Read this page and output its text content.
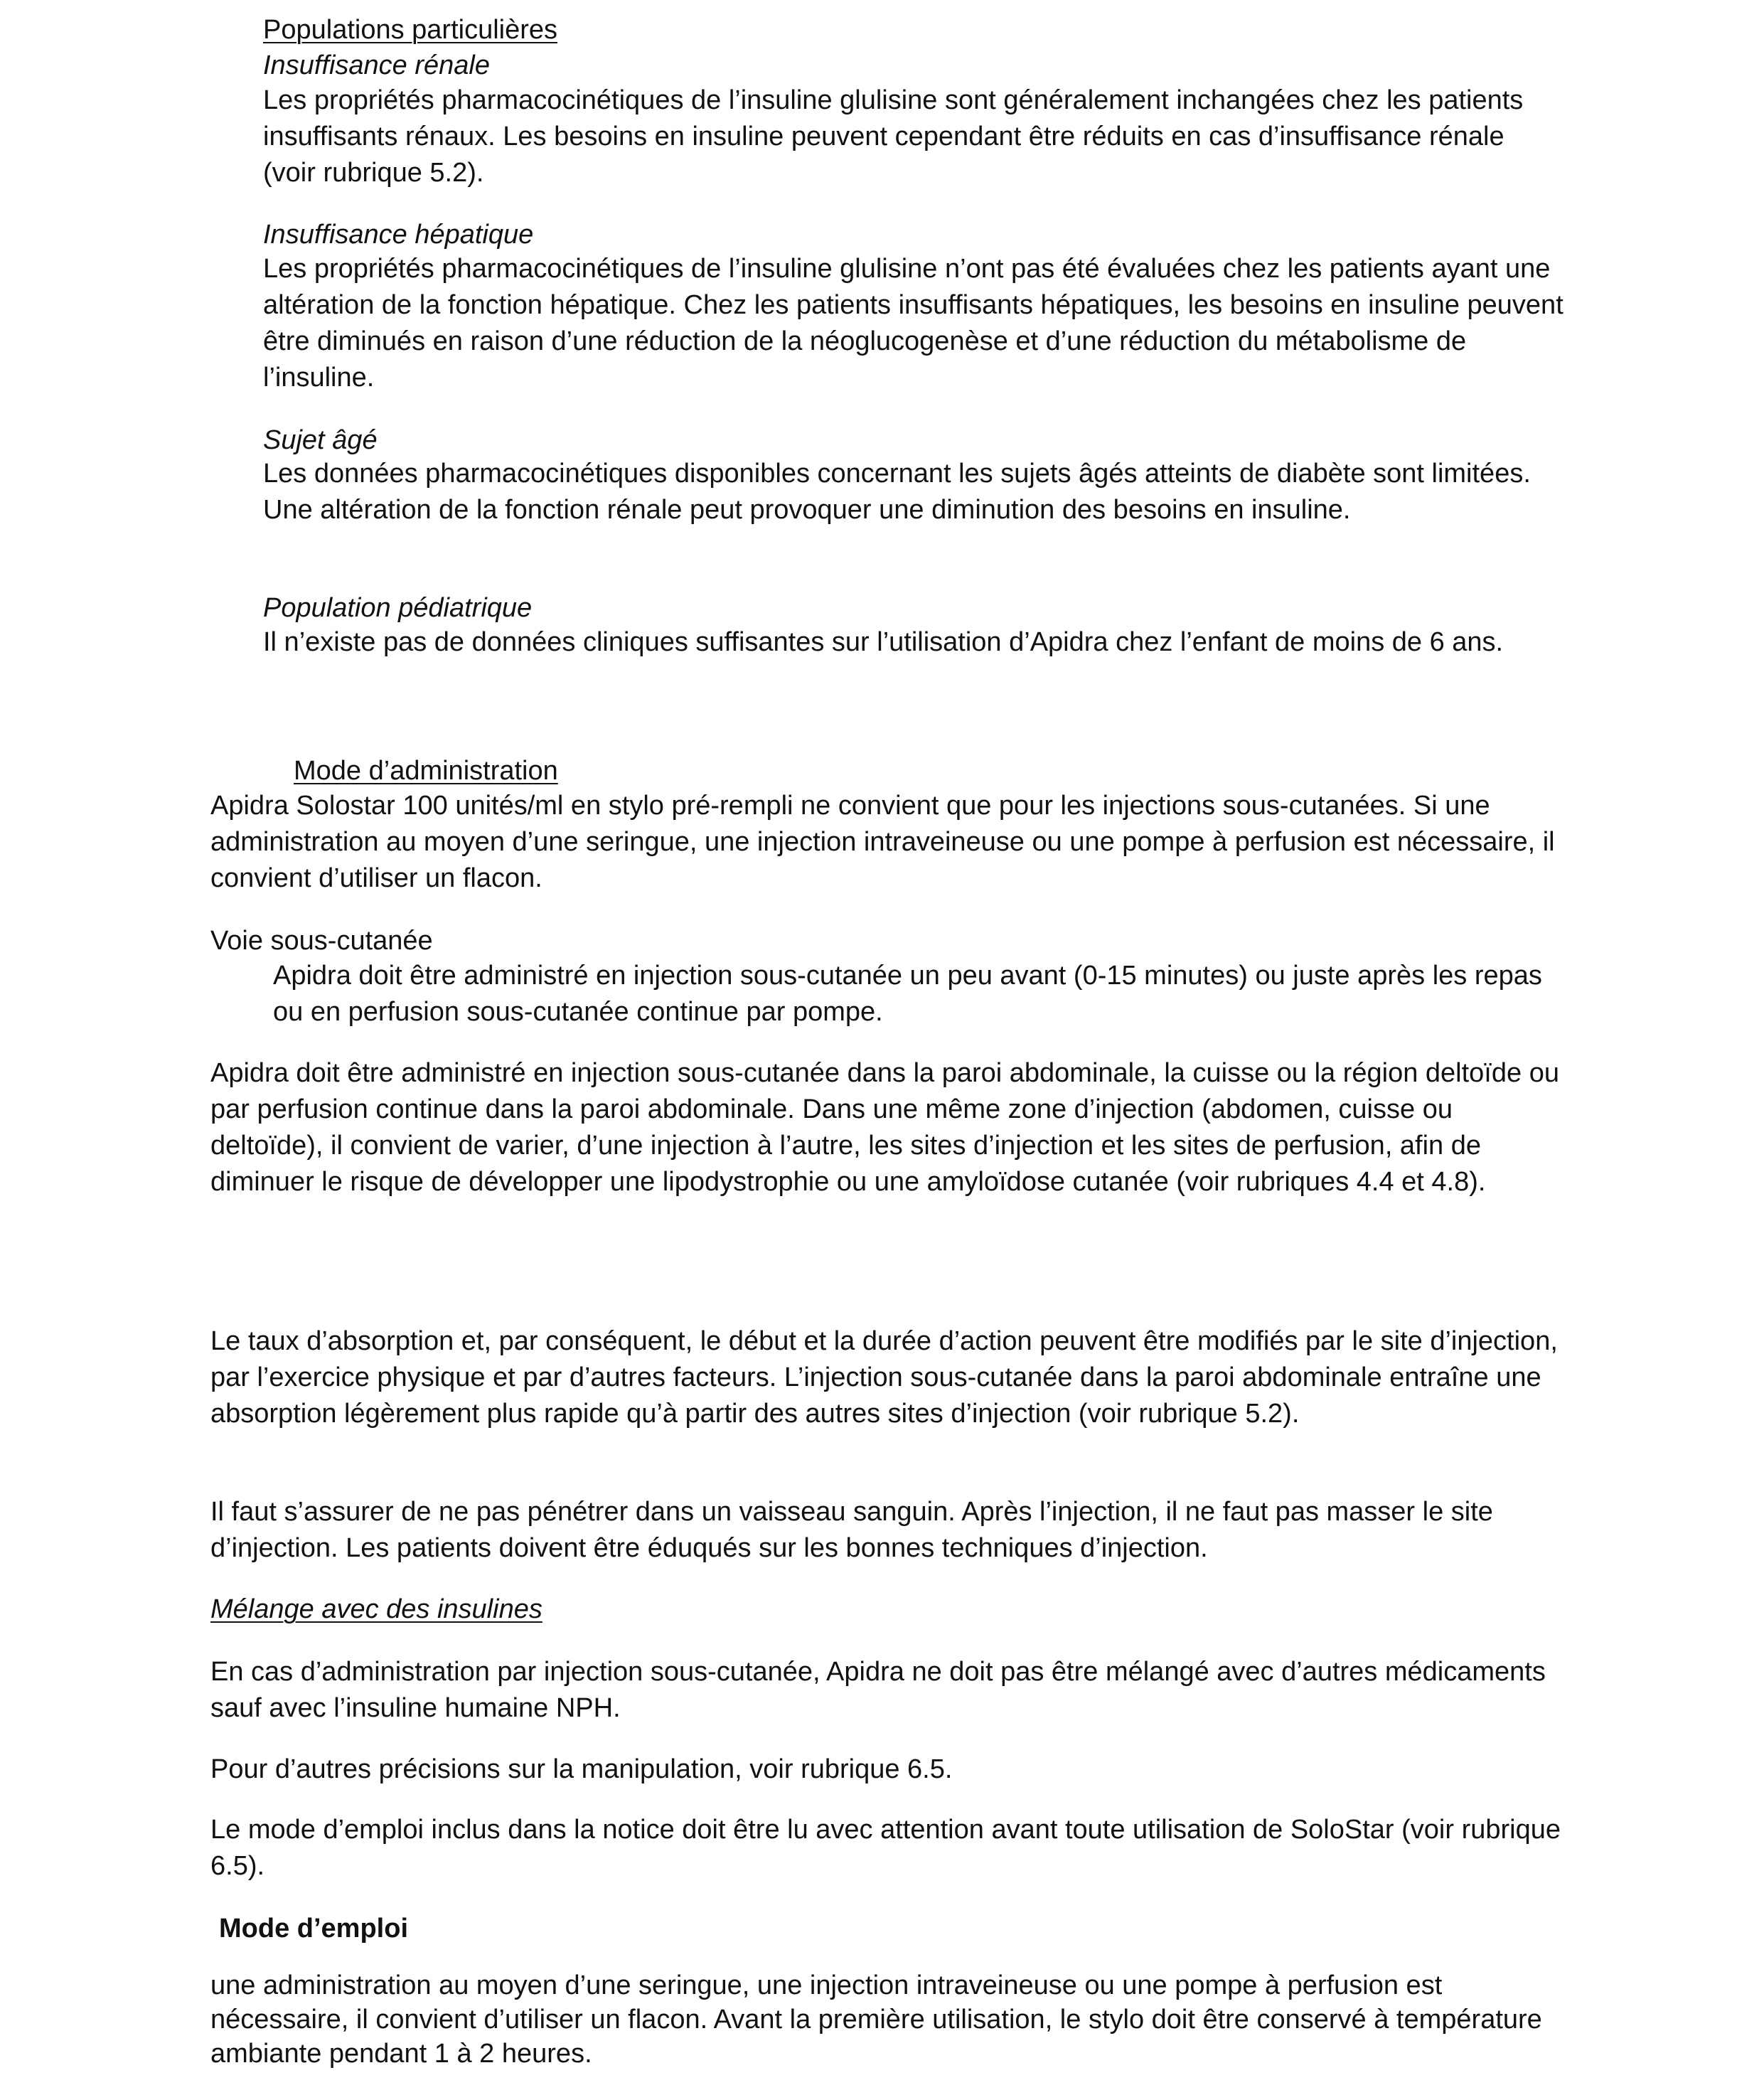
Populations particulières

Insuffisance rénale

Les propriétés pharmacocinétiques de l’insuline glulisine sont généralement inchangées chez les patients insuffisants rénaux. Les besoins en insuline peuvent cependant être réduits en cas d’insuffisance rénale (voir rubrique 5.2).

Insuffisance hépatique

Les propriétés pharmacocinétiques de l’insuline glulisine n’ont pas été évaluées chez les patients ayant une altération de la fonction hépatique. Chez les patients insuffisants hépatiques, les besoins en insuline peuvent être diminués en raison d’une réduction de la néoglucogenèse et d’une réduction du métabolisme de l’insuline.

Sujet âgé

Les données pharmacocinétiques disponibles concernant les sujets âgés atteints de diabète sont limitées. Une altération de la fonction rénale peut provoquer une diminution des besoins en insuline.

Population pédiatrique

Il n’existe pas de données cliniques suffisantes sur l’utilisation d’Apidra chez l’enfant de moins de 6 ans.

Mode d’administration

Apidra Solostar 100 unités/ml en stylo pré-rempli ne convient que pour les injections sous-cutanées. Si une administration au moyen d’une seringue, une injection intraveineuse ou une pompe à perfusion est nécessaire, il convient d’utiliser un flacon.

Voie sous-cutanée

Apidra doit être administré en injection sous-cutanée un peu avant (0-15 minutes) ou juste après les repas ou en perfusion sous-cutanée continue par pompe.

Apidra doit être administré en injection sous-cutanée dans la paroi abdominale, la cuisse ou la région deltoïde ou par perfusion continue dans la paroi abdominale. Dans une même zone d’injection (abdomen, cuisse ou deltoïde), il convient de varier, d’une injection à l’autre, les sites d’injection et les sites de perfusion, afin de diminuer le risque de développer une lipodystrophie ou une amyloïdose cutanée (voir rubriques 4.4 et 4.8).

Le taux d’absorption et, par conséquent, le début et la durée d’action peuvent être modifiés par le site d’injection, par l’exercice physique et par d’autres facteurs. L’injection sous-cutanée dans la paroi abdominale entraîne une absorption légèrement plus rapide qu’à partir des autres sites d’injection (voir rubrique 5.2).

Il faut s’assurer de ne pas pénétrer dans un vaisseau sanguin. Après l’injection, il ne faut pas masser le site d’injection. Les patients doivent être éduqués sur les bonnes techniques d’injection.

Mélange avec des insulines

En cas d’administration par injection sous-cutanée, Apidra ne doit pas être mélangé avec d’autres médicaments sauf avec l’insuline humaine NPH.

Pour d’autres précisions sur la manipulation, voir rubrique 6.5.

Le mode d’emploi inclus dans la notice doit être lu avec attention avant toute utilisation de SoloStar (voir rubrique 6.5).

Mode d’emploi

une administration au moyen d’une seringue, une injection intraveineuse ou une pompe à perfusion est nécessaire, il convient d’utiliser un flacon. Avant la première utilisation, le stylo doit être conservé à température ambiante pendant 1 à 2 heures.
